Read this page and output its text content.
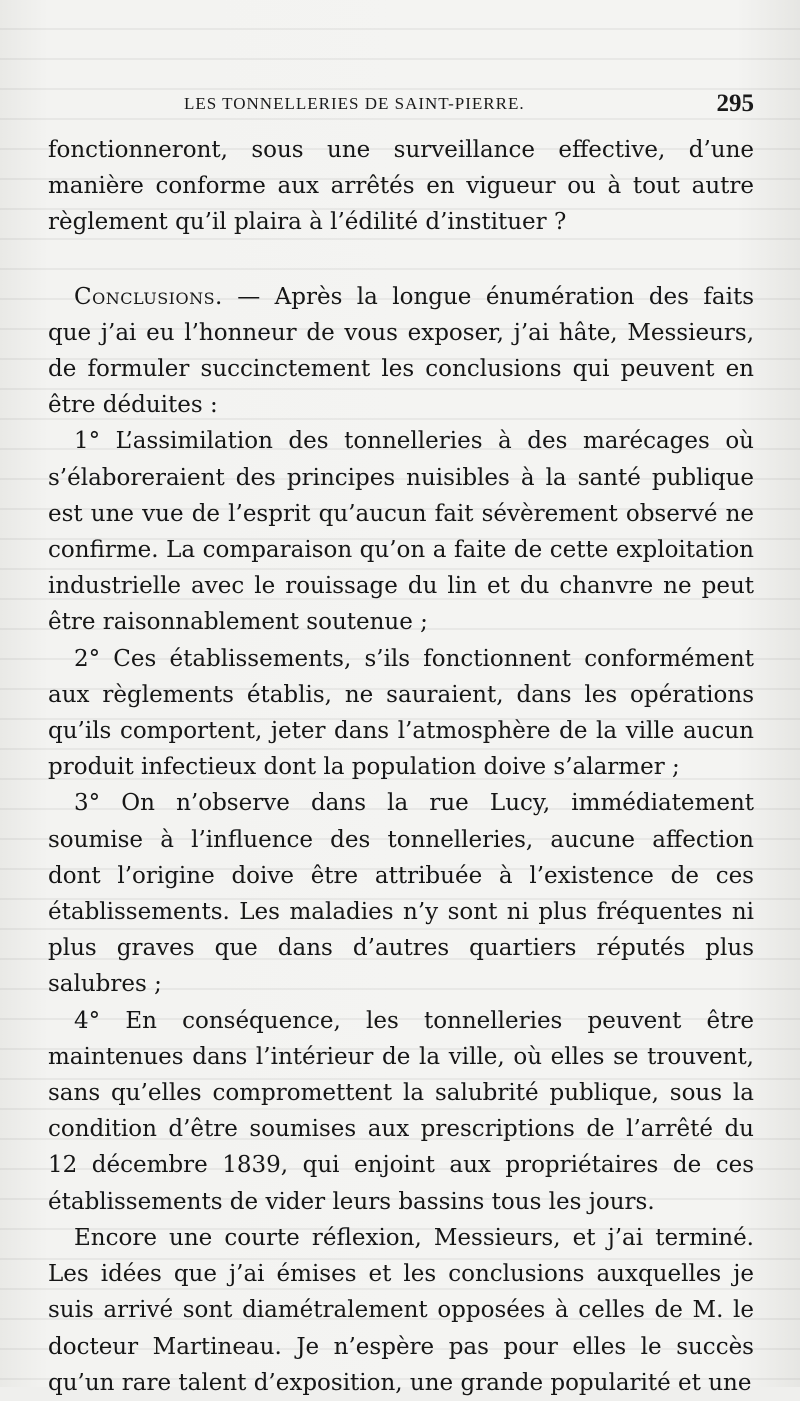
LES TONNELLERIES DE SAINT-PIERRE.	295

fonctionneront, sous une surveillance effective, d’une manière conforme aux arrêtés en vigueur ou à tout autre règlement qu’il plaira à l’édilité d’instituer ?

Conclusions. — Après la longue énumération des faits que j’ai eu l’honneur de vous exposer, j’ai hâte, Messieurs, de formuler succinctement les conclusions qui peuvent en être déduites :

1° L’assimilation des tonnelleries à des marécages où s’élaboreraient des principes nuisibles à la santé publique est une vue de l’esprit qu’aucun fait sévèrement observé ne confirme. La comparaison qu’on a faite de cette exploitation industrielle avec le rouissage du lin et du chanvre ne peut être raisonnablement soutenue ;

2° Ces établissements, s’ils fonctionnent conformément aux règlements établis, ne sauraient, dans les opérations qu’ils comportent, jeter dans l’atmosphère de la ville aucun produit infectieux dont la population doive s’alarmer ;

3° On n’observe dans la rue Lucy, immédiatement soumise à l’influence des tonnelleries, aucune affection dont l’origine doive être attribuée à l’existence de ces établissements. Les maladies n’y sont ni plus fréquentes ni plus graves que dans d’autres quartiers réputés plus salubres ;

4° En conséquence, les tonnelleries peuvent être maintenues dans l’intérieur de la ville, où elles se trouvent, sans qu’elles compromettent la salubrité publique, sous la condition d’être soumises aux prescriptions de l’arrêté du 12 décembre 1839, qui enjoint aux propriétaires de ces établissements de vider leurs bassins tous les jours.

Encore une courte réflexion, Messieurs, et j’ai terminé. Les idées que j’ai émises et les conclusions auxquelles je suis arrivé sont diamétralement opposées à celles de M. le docteur Martineau. Je n’espère pas pour elles le succès qu’un rare talent d’exposition, une grande popularité et une
